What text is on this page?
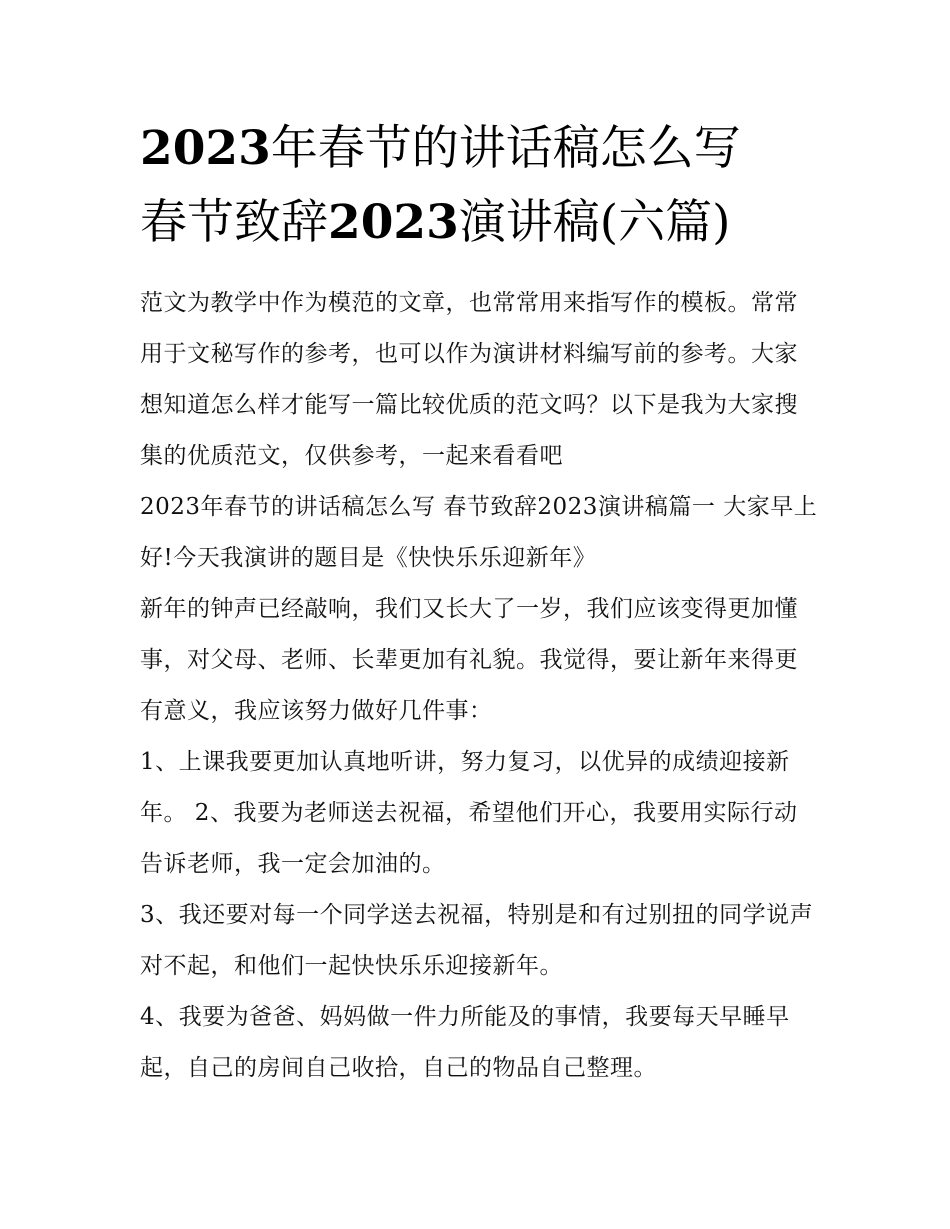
2023年春节的讲话稿怎么写
春节致辞2023演讲稿(六篇)

范文为教学中作为模范的文章，也常常用来指写作的模板。常常用于文秘写作的参考，也可以作为演讲材料编写前的参考。大家想知道怎么样才能写一篇比较优质的范文吗？以下是我为大家搜集的优质范文，仅供参考，一起来看看吧

2023年春节的讲话稿怎么写 春节致辞2023演讲稿篇一 大家早上好!今天我演讲的题目是《快快乐乐迎新年》

新年的钟声已经敲响，我们又长大了一岁，我们应该变得更加懂事，对父母、老师、长辈更加有礼貌。我觉得，要让新年来得更有意义，我应该努力做好几件事：

1、上课我要更加认真地听讲，努力复习，以优异的成绩迎接新年。 2、我要为老师送去祝福，希望他们开心，我要用实际行动告诉老师，我一定会加油的。

3、我还要对每一个同学送去祝福，特别是和有过别扭的同学说声对不起，和他们一起快快乐乐迎接新年。

4、我要为爸爸、妈妈做一件力所能及的事情，我要每天早睡早起，自己的房间自己收拾，自己的物品自己整理。
